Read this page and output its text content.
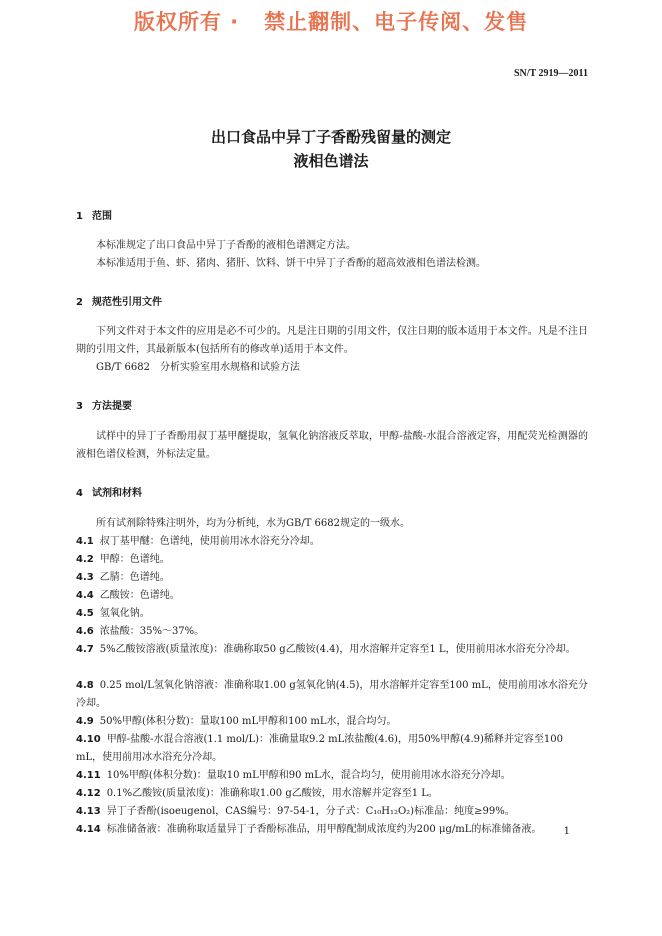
版权所有 ·   禁止翻制、电子传阅、发售
SN/T 2919—2011
出口食品中异丁子香酚残留量的测定
液相色谱法
1 范围
本标准规定了出口食品中异丁子香酚的液相色谱测定方法。
本标准适用于鱼、虾、猪肉、猪肝、饮料、饼干中异丁子香酚的超高效液相色谱法检测。
2 规范性引用文件
下列文件对于本文件的应用是必不可少的。凡是注日期的引用文件，仅注日期的版本适用于本文件。凡是不注日期的引用文件，其最新版本(包括所有的修改单)适用于本文件。
GB/T 6682　分析实验室用水规格和试验方法
3 方法提要
试样中的异丁子香酚用叔丁基甲醚提取，氢氧化钠溶液反萃取，甲醇-盐酸-水混合溶液定容，用配荧光检测器的液相色谱仪检测，外标法定量。
4 试剂和材料
所有试剂除特殊注明外，均为分析纯，水为GB/T 6682规定的一级水。
4.1 叔丁基甲醚：色谱纯，使用前用冰水浴充分冷却。
4.2 甲醇：色谱纯。
4.3 乙腈：色谱纯。
4.4 乙酸铵：色谱纯。
4.5 氢氧化钠。
4.6 浓盐酸：35%～37%。
4.7 5%乙酸铵溶液(质量浓度)：准确称取50 g乙酸铵(4.4)，用水溶解并定容至1 L，使用前用冰水浴充分冷却。
4.8 0.25 mol/L氢氧化钠溶液：准确称取1.00 g氢氧化钠(4.5)，用水溶解并定容至100 mL，使用前用冰水浴充分冷却。
4.9 50%甲醇(体积分数)：量取100 mL甲醇和100 mL水，混合均匀。
4.10 甲醇-盐酸-水混合溶液(1.1 mol/L)：准确量取9.2 mL浓盐酸(4.6)，用50%甲醇(4.9)稀释并定容至100 mL，使用前用冰水浴充分冷却。
4.11 10%甲醇(体积分数)：量取10 mL甲醇和90 mL水，混合均匀，使用前用冰水浴充分冷却。
4.12 0.1%乙酸铵(质量浓度)：准确称取1.00 g乙酸铵，用水溶解并定容至1 L。
4.13 异丁子香酚(isoeugenol，CAS编号：97-54-1，分子式：C₁₀H₁₂O₂)标准品：纯度≥99%。
4.14 标准储备液：准确称取适量异丁子香酚标准品，用甲醇配制成浓度约为200 μg/mL的标准储备液。	1
